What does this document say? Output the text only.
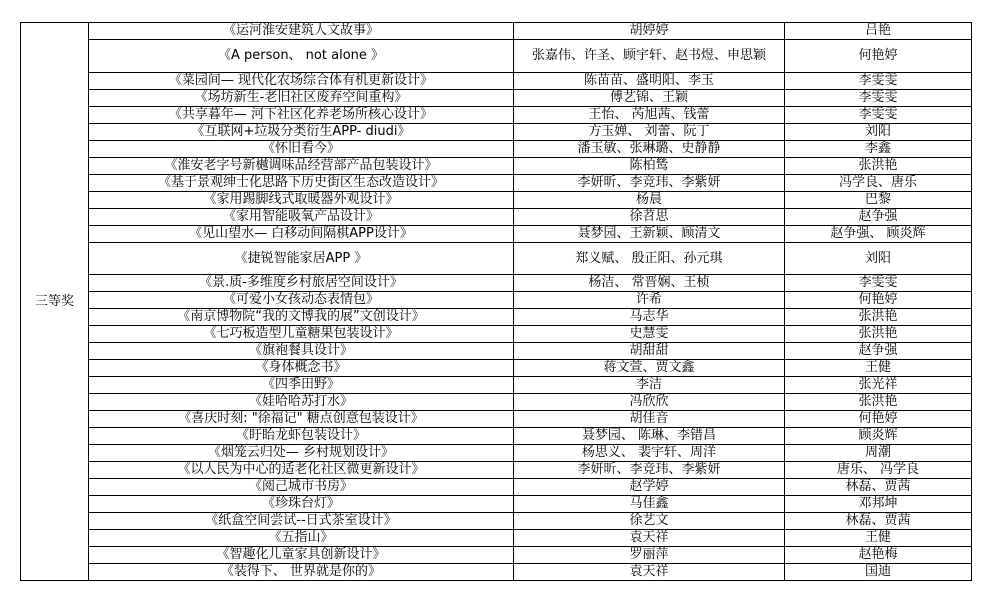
三等奖	《运河淮安建筑人文故事》	胡婷婷	吕艳
	《A person、 not alone 》	张嘉伟、许圣、顾宇轩、赵书煜、申思颖	何艳婷
	《菜园间— 现代化农场综合体有机更新设计》	陈苗苗、盛明阳、李玉	李雯雯
	《场坊新生-老旧社区废弃空间重构》	傅艺锦、王颖	李雯雯
	《共享暮年— 河下社区化养老场所核心设计》	王怡、 芮旭茜、钱蕾	李雯雯
	《互联网+垃圾分类衍生APP- diudi》	方玉婵、 刘蕾、阮丁	刘阳
	《怀旧看今》	潘玉敏、张琳璐、史静静	李鑫
	《淮安老字号新樾调味品经营部产品包装设计》	陈柏鸶	张洪艳
	《基于景观绅士化思路下历史街区生态改造设计》	李妍昕、李竞玮、李紫妍	冯学良、唐乐
	《家用踢脚线式取暖器外观设计》	杨晨	巴黎
	《家用智能吸氧产品设计》	徐苕思	赵争强
	《见山望水— 白移动间隔棋APP设计》	聂梦园、王新颖、顾清文	赵争强、 顾炎辉
	《捷锐智能家居APP 》	郑义赋、 殷正阳、孙元琪	刘阳
	《景.质-多维度乡村旅居空间设计》	杨洁、 常晋娴、王桢	李雯雯
	《可爱小女孩动态表情包》	许希	何艳婷
	《南京博物院“我的文博我的展”文创设计》	马志华	张洪艳
	《七巧板造型儿童糖果包装设计》	史慧雯	张洪艳
	《旗袍餐具设计》	胡甜甜	赵争强
	《身体概念书》	蒋文萱、贾文鑫	王健
	《四季田野》	李洁	张光祥
	《娃哈哈苏打水》	冯欣欣	张洪艳
	《喜庆时刻: "徐福记" 糖点创意包装设计》	胡佳音	何艳婷
	《盱眙龙虾包装设计》	聂梦园、 陈琳、李错昌	顾炎辉
	《烟笼云归处— 乡村规划设计》	杨思义、 裴宇轩、周洋	周潮
	《以人民为中心的适老化社区微更新设计》	李妍昕、李竞玮、李紫妍	唐乐、 冯学良
	《阅己城市书房》	赵学婷	林磊、贾茜
	《珍珠台灯》	马佳鑫	邓邦坤
	《纸盒空间尝试--日式茶室设计》	徐艺文	林磊、贾茜
	《五指山》	袁天祥	王健
	《智趣化儿童家具创新设计》	罗丽萍	赵艳梅
	《装得下、 世界就是你的》	袁天祥	国迪
